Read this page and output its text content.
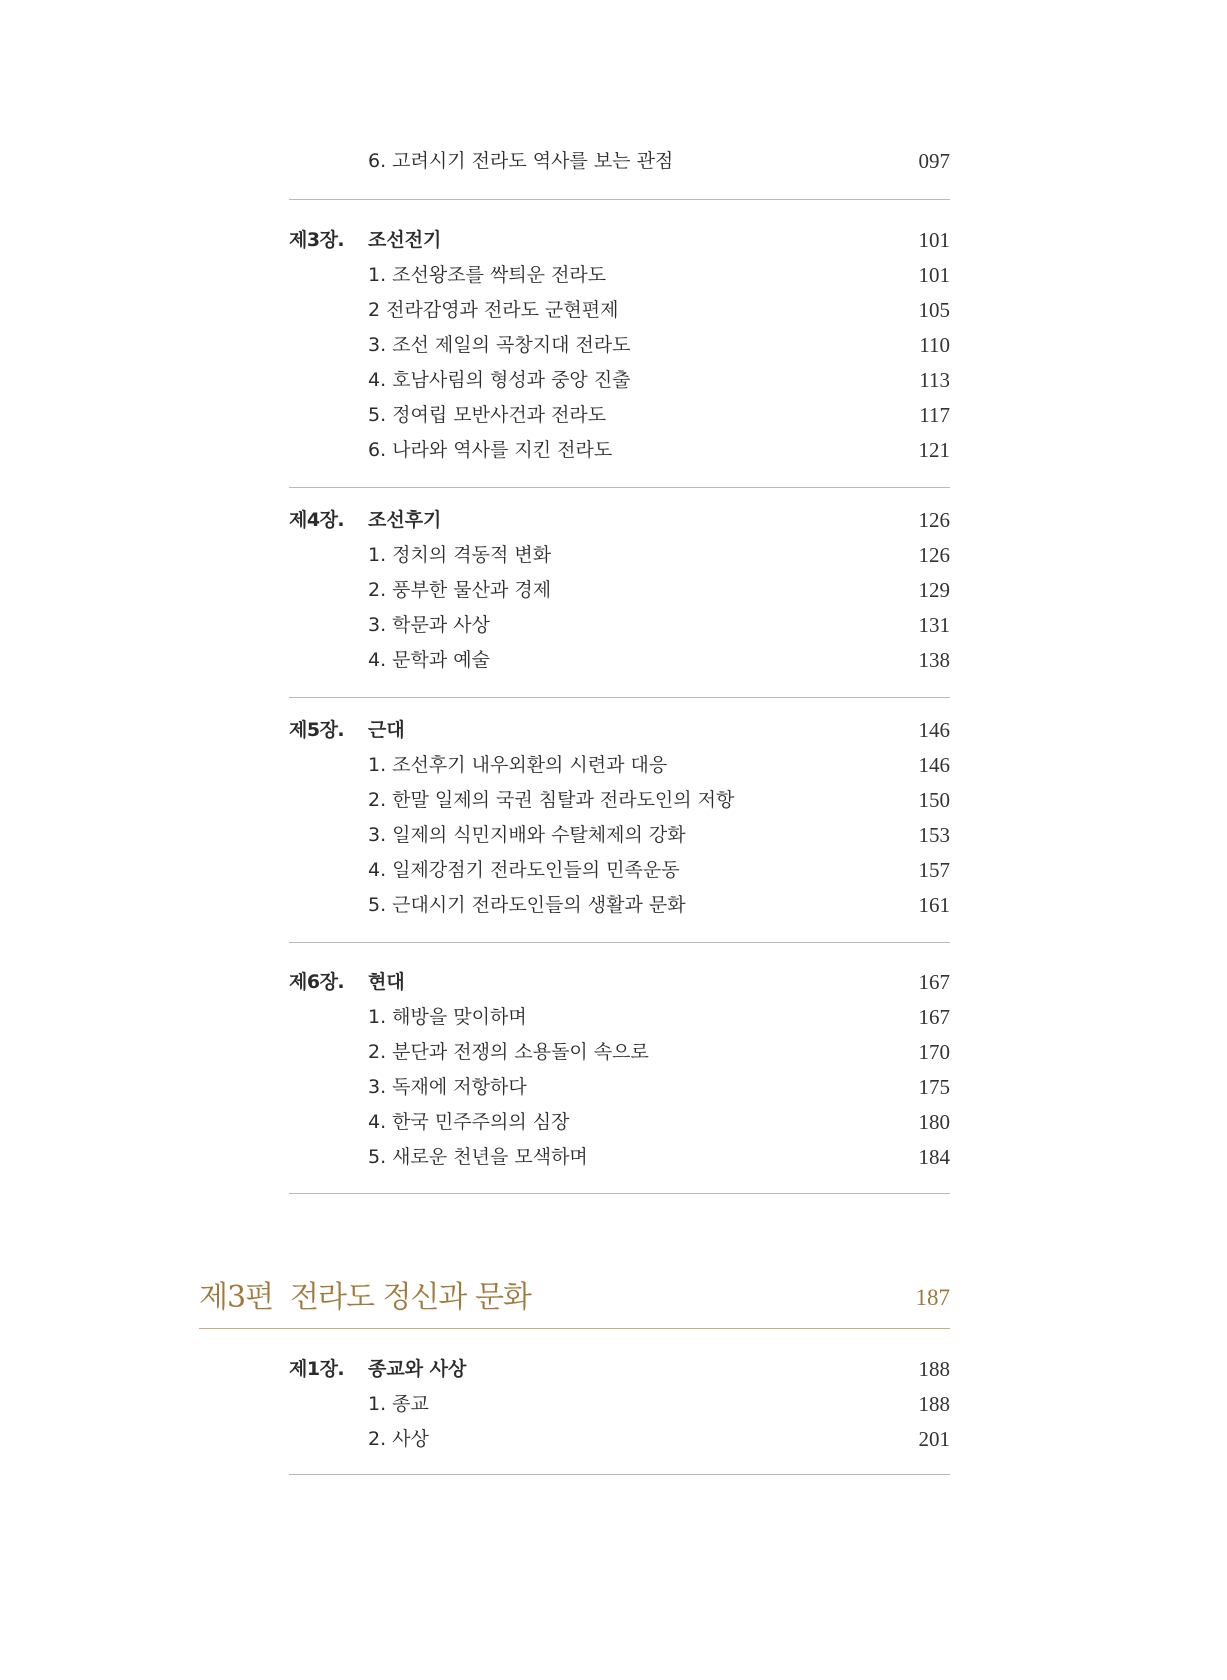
6. 고려시기 전라도 역사를 보는 관점	097
제3장. 조선전기	101
1. 조선왕조를 싹틔운 전라도	101
2 전라감영과 전라도 군현편제	105
3. 조선 제일의 곡창지대 전라도	110
4. 호남사림의 형성과 중앙 진출	113
5. 정여립 모반사건과 전라도	117
6. 나라와 역사를 지킨 전라도	121
제4장. 조선후기	126
1. 정치의 격동적 변화	126
2. 풍부한 물산과 경제	129
3. 학문과 사상	131
4. 문학과 예술	138
제5장. 근대	146
1. 조선후기 내우외환의 시련과 대응	146
2. 한말 일제의 국권 침탈과 전라도인의 저항	150
3. 일제의 식민지배와 수탈체제의 강화	153
4. 일제강점기 전라도인들의 민족운동	157
5. 근대시기 전라도인들의 생활과 문화	161
제6장. 현대	167
1. 해방을 맞이하며	167
2. 분단과 전쟁의 소용돌이 속으로	170
3. 독재에 저항하다	175
4. 한국 민주주의의 심장	180
5. 새로운 천년을 모색하며	184
제3편 전라도 정신과 문화	187
제1장. 종교와 사상	188
1. 종교	188
2. 사상	201
